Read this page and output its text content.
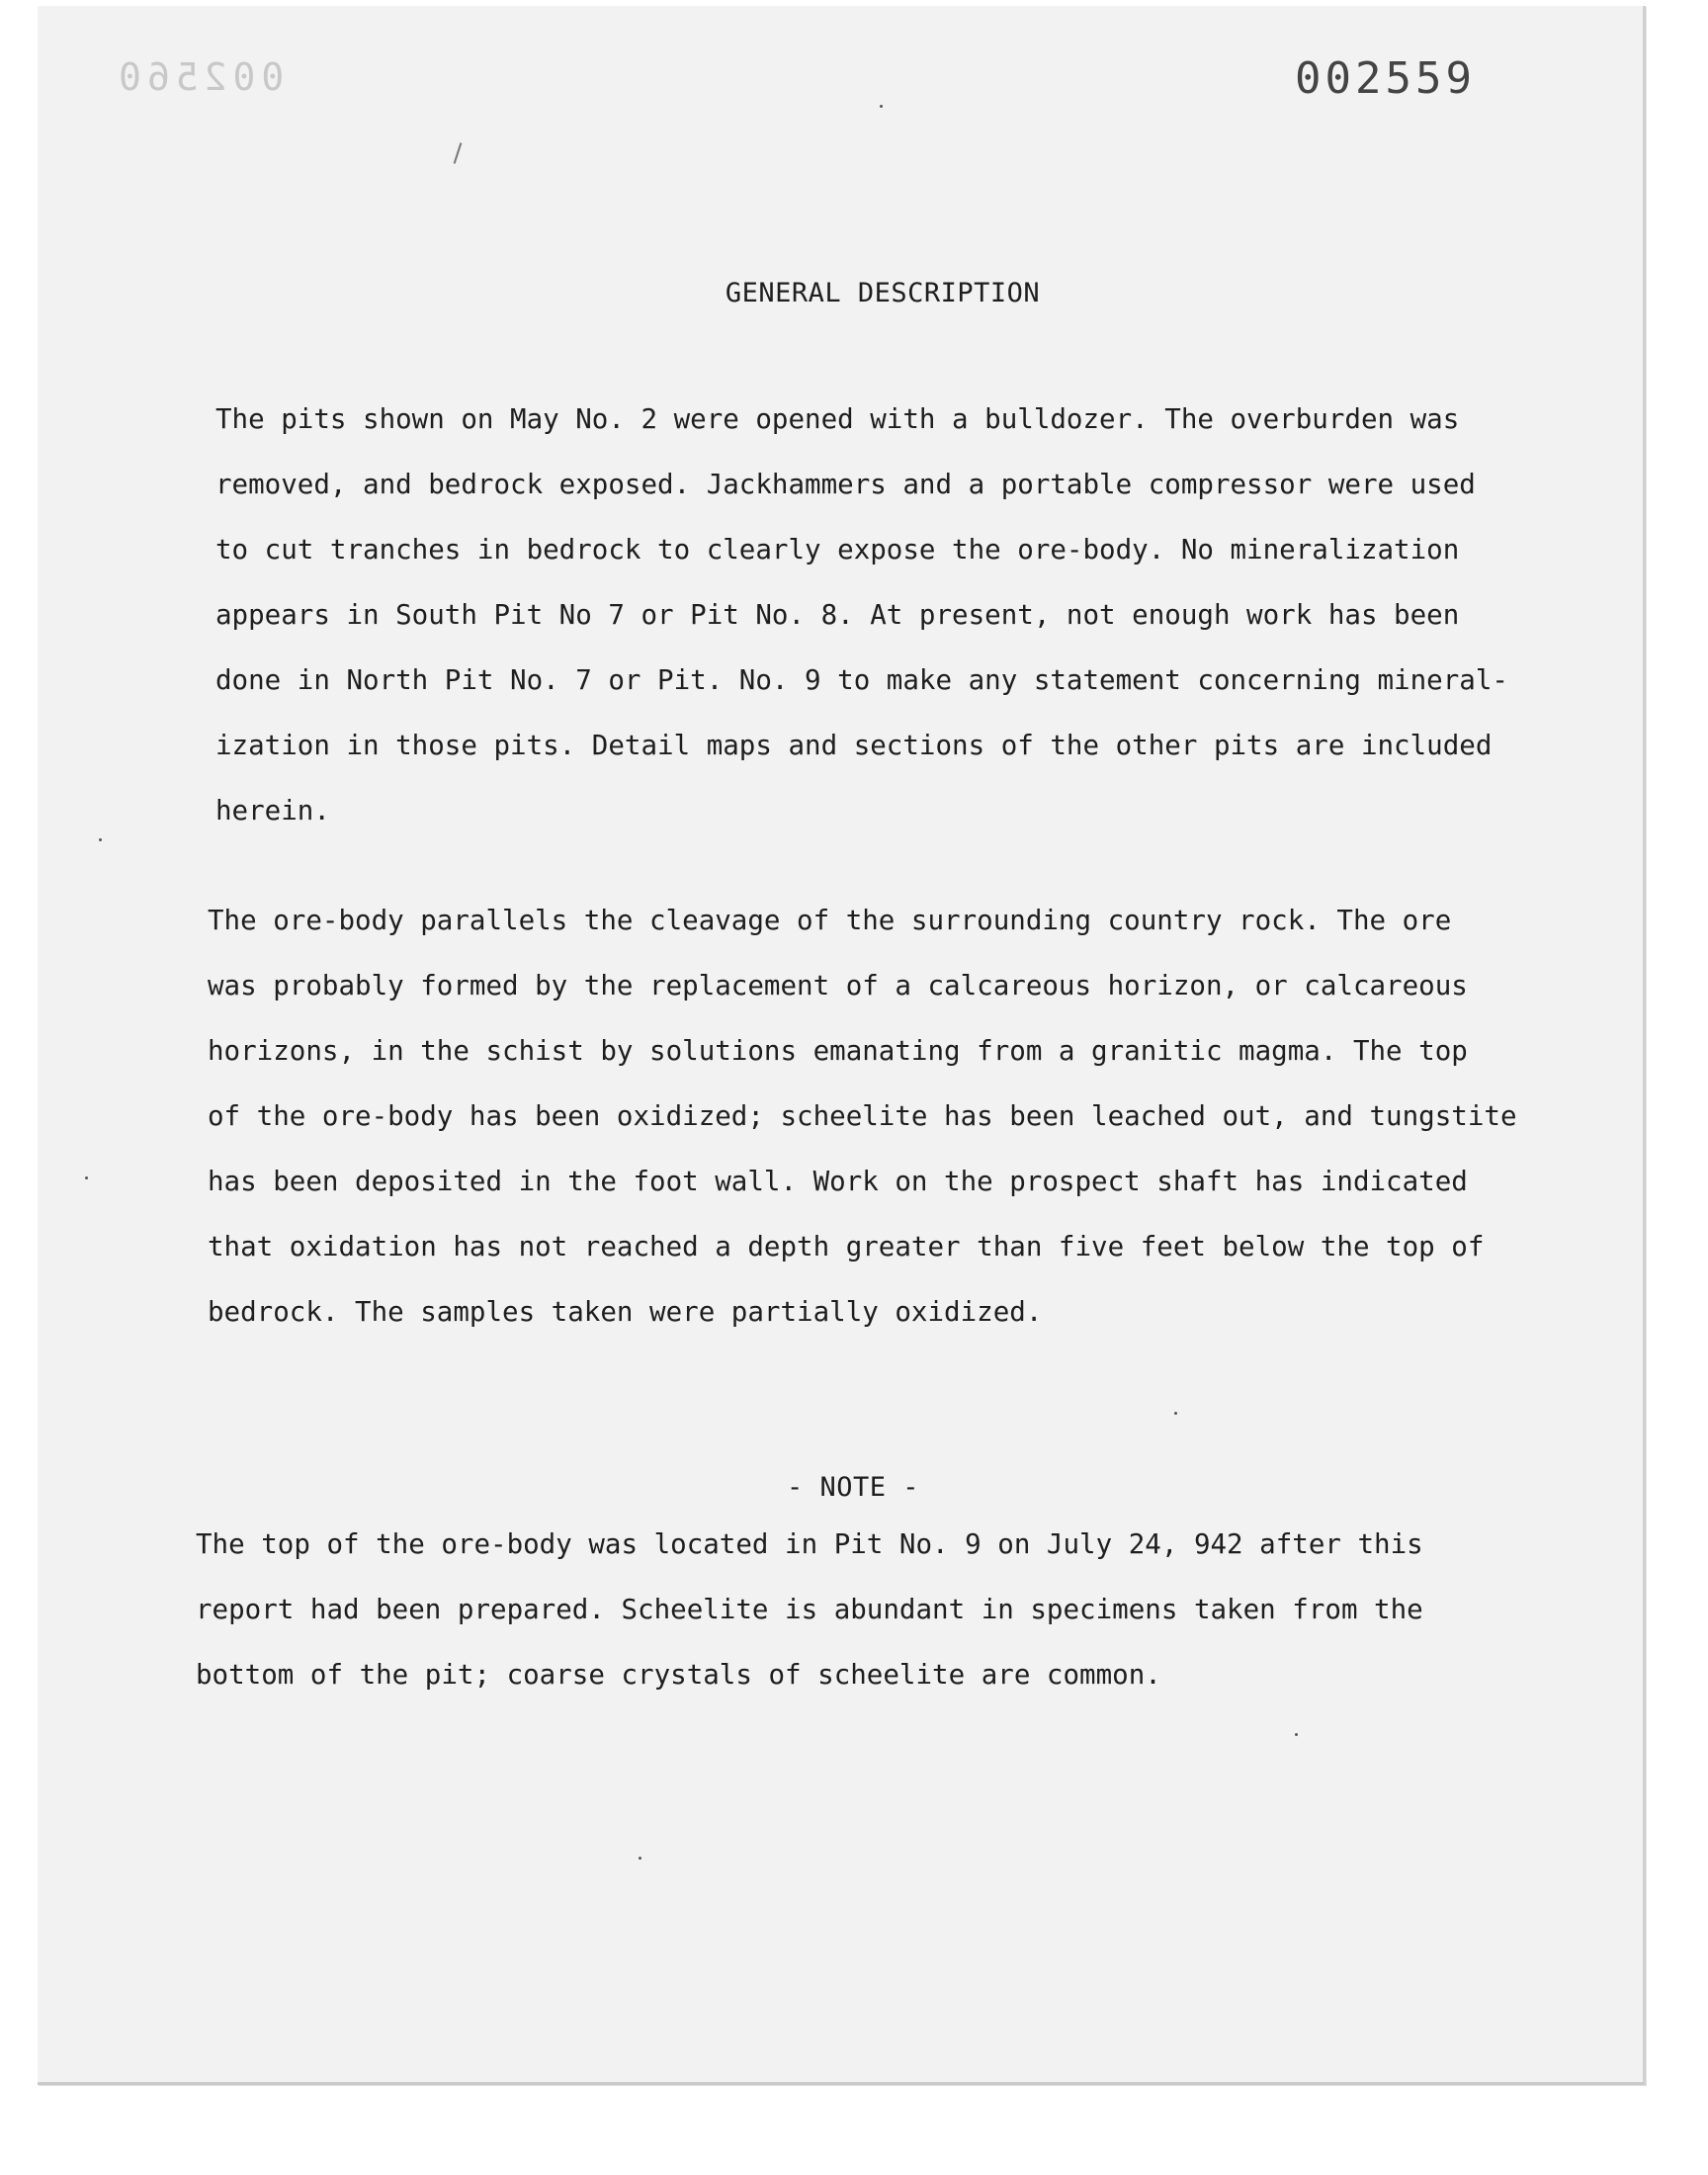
002560	002559
GENERAL DESCRIPTION
The pits shown on May No. 2 were opened with a bulldozer. The overburden was
removed, and bedrock exposed. Jackhammers and a portable compressor were used
to cut tranches in bedrock to clearly expose the ore-body. No mineralization
appears in South Pit No 7 or Pit No. 8. At present, not enough work has been
done in North Pit No. 7 or Pit. No. 9 to make any statement concerning mineral-
ization in those pits. Detail maps and sections of the other pits are included
herein.
The ore-body parallels the cleavage of the surrounding country rock. The ore
was probably formed by the replacement of a calcareous horizon, or calcareous
horizons, in the schist by solutions emanating from a granitic magma. The top
of the ore-body has been oxidized; scheelite has been leached out, and tungstite
has been deposited in the foot wall. Work on the prospect shaft has indicated
that oxidation has not reached a depth greater than five feet below the top of
bedrock. The samples taken were partially oxidized.
- NOTE -
The top of the ore-body was located in Pit No. 9 on July 24, 942 after this
report had been prepared. Scheelite is abundant in specimens taken from the
bottom of the pit; coarse crystals of scheelite are common.
